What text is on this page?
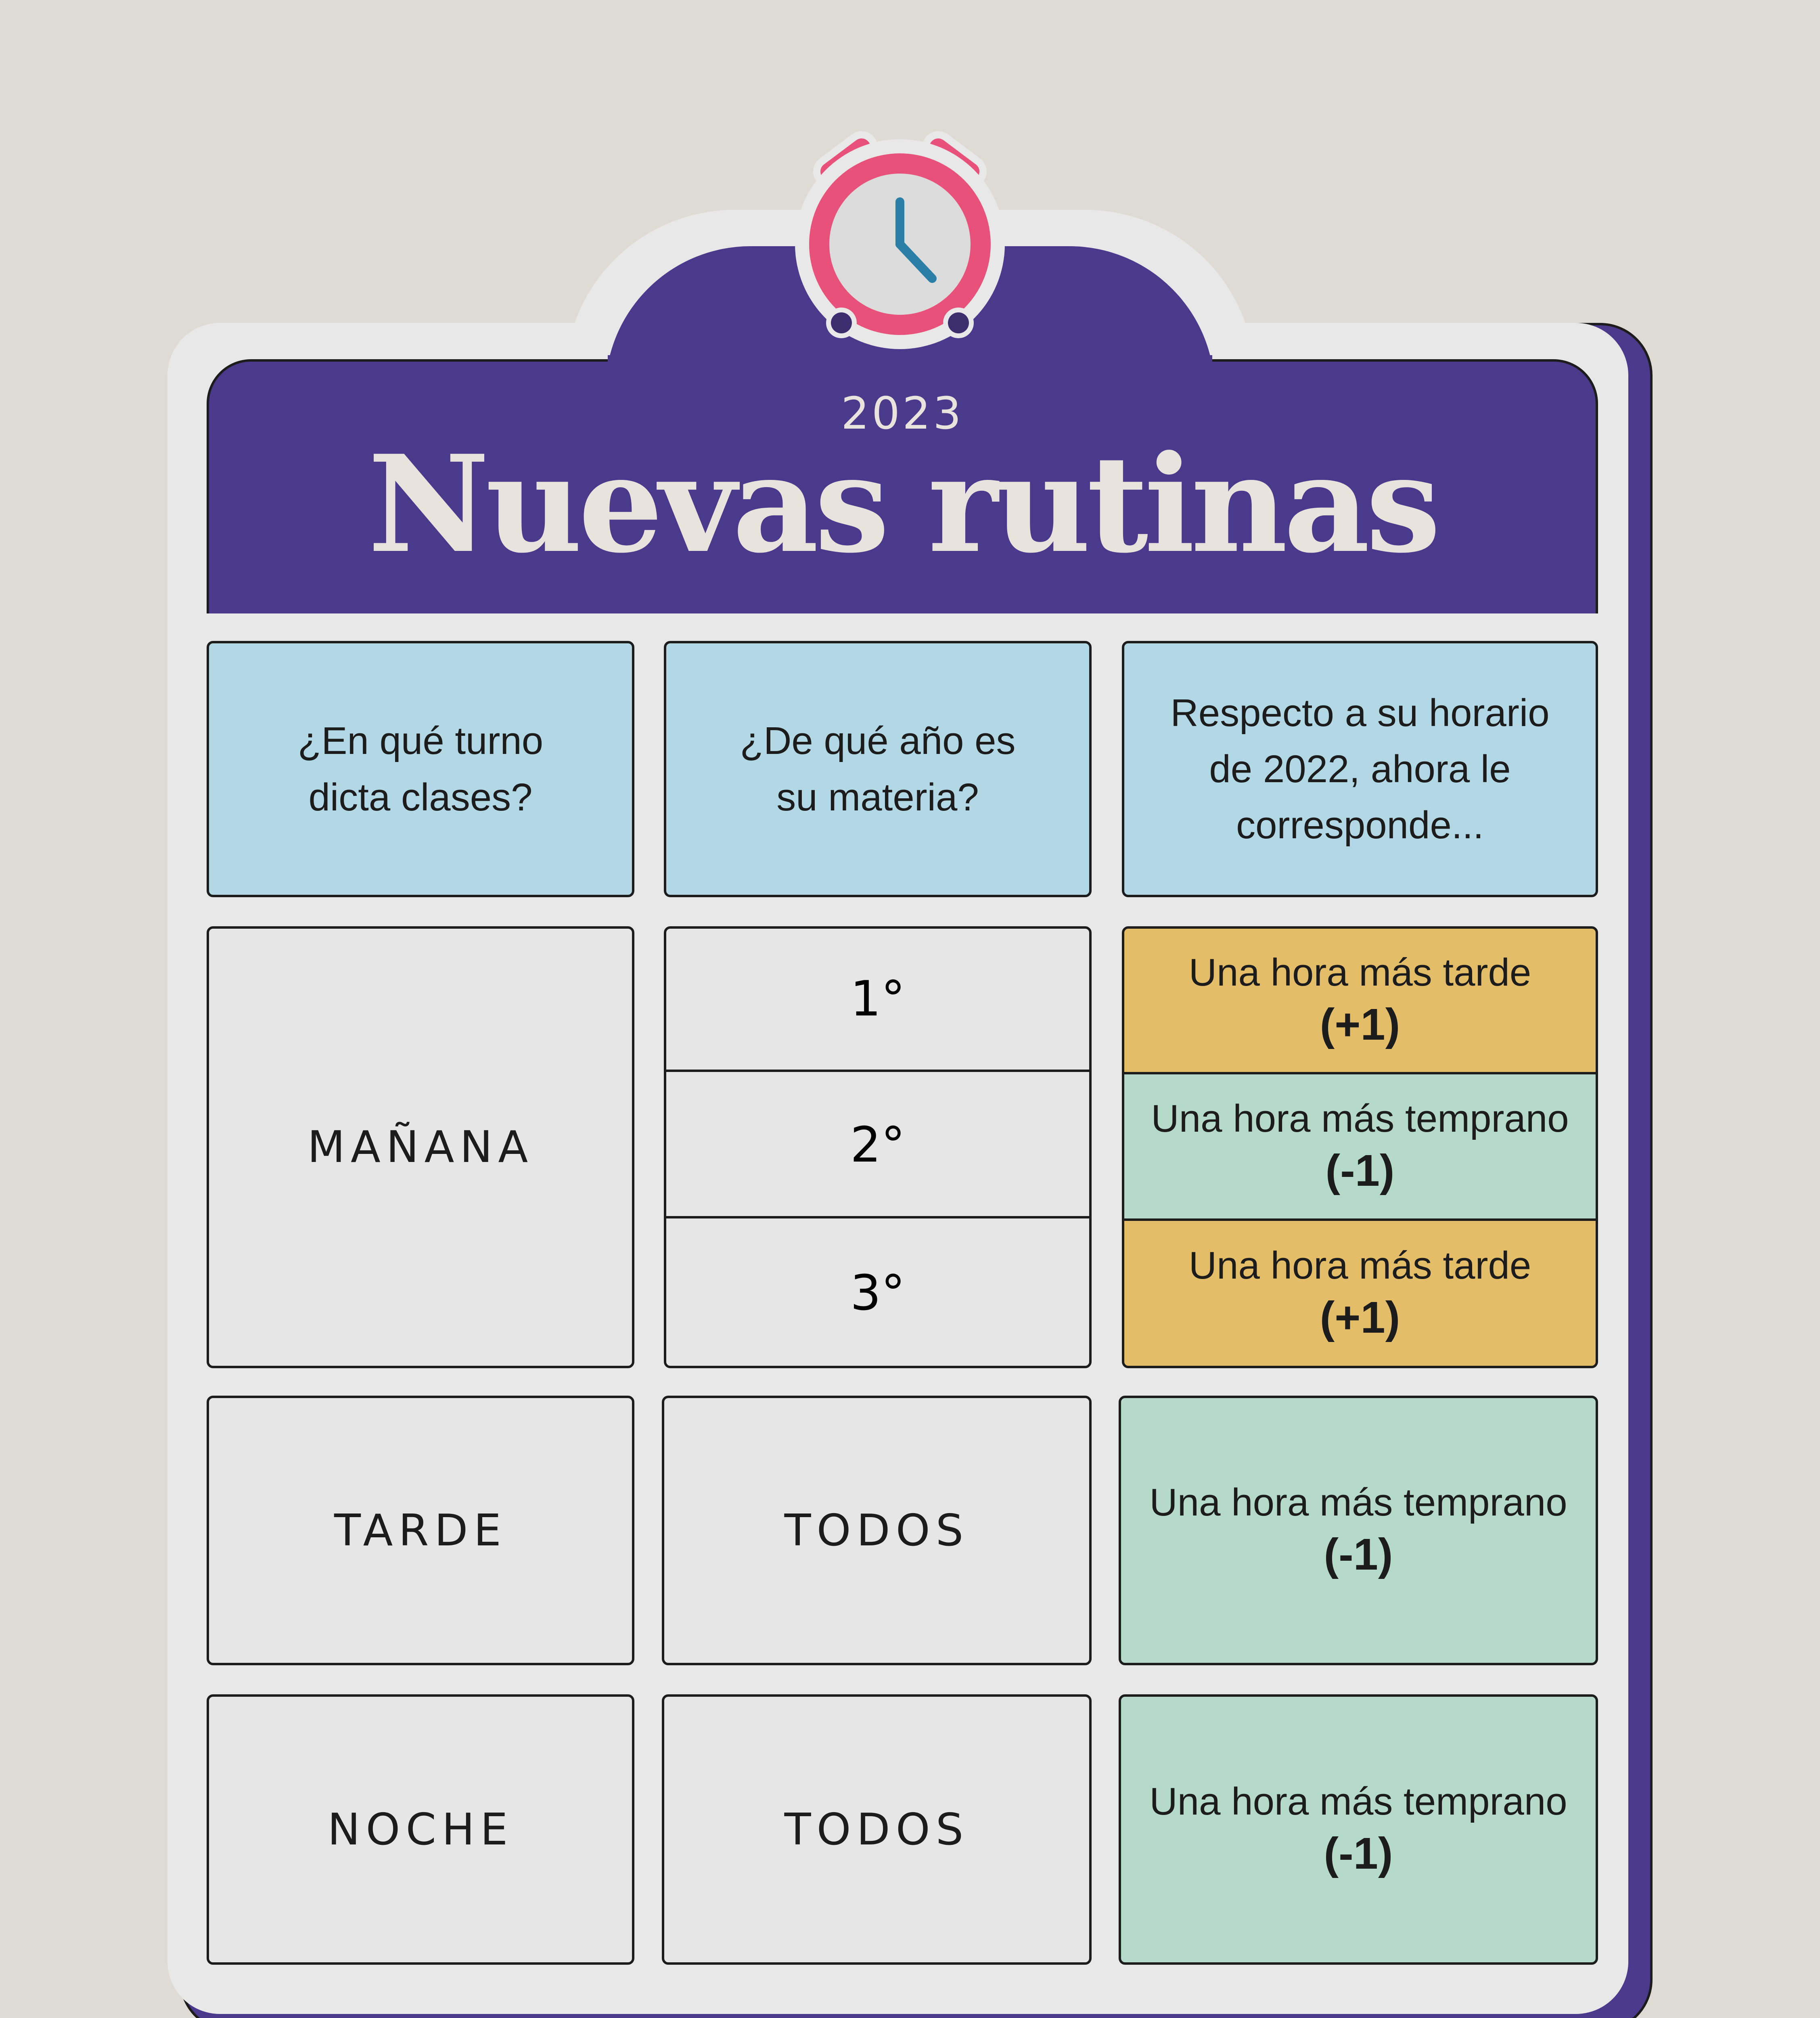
2023
Nuevas rutinas
¿En qué turno dicta clases?
¿De qué año es su materia?
Respecto a su horario de 2022, ahora le corresponde...
MAÑANA
1°
2°
3°
Una hora más tarde
(+1)
Una hora más temprano
(-1)
Una hora más tarde
(+1)
TARDE	TODOS
Una hora más temprano
(-1)
NOCHE	TODOS
Una hora más temprano
(-1)
